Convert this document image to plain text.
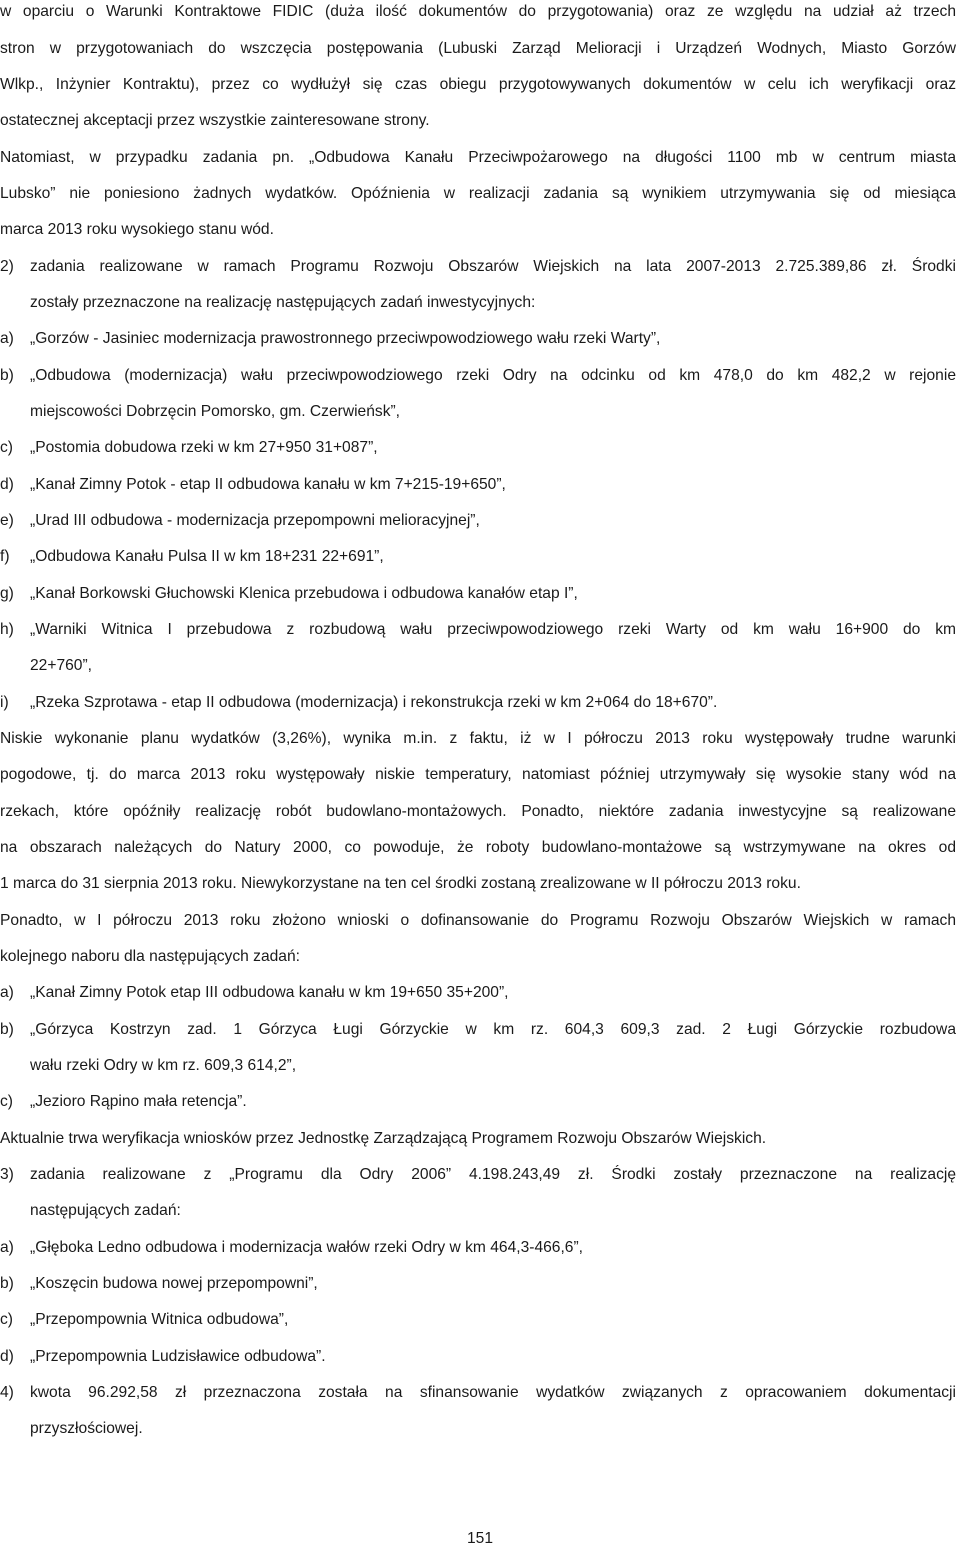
w oparciu o Warunki Kontraktowe FIDIC (duża ilość dokumentów do przygotowania) oraz ze względu na udział aż trzech
stron w przygotowaniach do wszczęcia postępowania (Lubuski Zarząd Melioracji i Urządzeń Wodnych, Miasto Gorzów
Wlkp., Inżynier Kontraktu), przez co wydłużył się czas obiegu przygotowywanych dokumentów w celu ich weryfikacji oraz
ostatecznej akceptacji przez wszystkie zainteresowane strony.
Natomiast, w przypadku zadania pn. „Odbudowa Kanału Przeciwpożarowego na długości 1100 mb w centrum miasta
Lubsko” nie poniesiono żadnych wydatków. Opóźnienia w realizacji zadania są wynikiem utrzymywania się od miesiąca
marca 2013 roku wysokiego stanu wód.
2)	zadania realizowane w ramach Programu Rozwoju Obszarów Wiejskich na lata 2007-2013 2.725.389,86 zł. Środki
zostały przeznaczone na realizację następujących zadań inwestycyjnych:
a)	„Gorzów - Jasiniec modernizacja prawostronnego przeciwpowodziowego wału rzeki Warty”,
b)	„Odbudowa (modernizacja) wału przeciwpowodziowego rzeki Odry na odcinku od km 478,0 do km 482,2 w rejonie
miejscowości Dobrzęcin Pomorsko, gm. Czerwieńsk”,
c)	„Postomia dobudowa rzeki w km 27+950 31+087”,
d)	„Kanał Zimny Potok - etap II odbudowa kanału w km 7+215-19+650”,
e)	„Urad III odbudowa - modernizacja przepompowni melioracyjnej”,
f)	„Odbudowa Kanału Pulsa II w km 18+231 22+691”,
g)	„Kanał Borkowski Głuchowski Klenica przebudowa i odbudowa kanałów etap I”,
h)	„Warniki Witnica I przebudowa z rozbudową wału przeciwpowodziowego rzeki Warty od km wału 16+900 do km
22+760”,
i)	„Rzeka Szprotawa - etap II odbudowa (modernizacja) i rekonstrukcja rzeki w km 2+064 do 18+670”.
Niskie wykonanie planu wydatków (3,26%), wynika m.in. z faktu, iż w I półroczu 2013 roku występowały trudne warunki
pogodowe, tj. do marca 2013 roku występowały niskie temperatury, natomiast później utrzymywały się wysokie stany wód na
rzekach, które opóźniły realizację robót budowlano-montażowych. Ponadto, niektóre zadania inwestycyjne są realizowane
na obszarach należących do Natury 2000, co powoduje, że roboty budowlano-montażowe są wstrzymywane na okres od
1 marca do 31 sierpnia 2013 roku. Niewykorzystane na ten cel środki zostaną zrealizowane w II półroczu 2013 roku.
Ponadto, w I półroczu 2013 roku złożono wnioski o dofinansowanie do Programu Rozwoju Obszarów Wiejskich w ramach
kolejnego naboru dla następujących zadań:
a)	„Kanał Zimny Potok etap III odbudowa kanału w km 19+650 35+200”,
b)	„Górzyca Kostrzyn zad. 1 Górzyca Ługi Górzyckie w km rz. 604,3 609,3 zad. 2 Ługi Górzyckie rozbudowa
wału rzeki Odry w km rz. 609,3 614,2”,
c)	„Jezioro Rąpino mała retencja”.
Aktualnie trwa weryfikacja wniosków przez Jednostkę Zarządzającą Programem Rozwoju Obszarów Wiejskich.
3)	zadania realizowane z „Programu dla Odry 2006” 4.198.243,49 zł. Środki zostały przeznaczone na realizację
następujących zadań:
a)	„Głęboka Ledno odbudowa i modernizacja wałów rzeki Odry w km 464,3-466,6”,
b)	„Koszęcin budowa nowej przepompowni”,
c)	„Przepompownia Witnica odbudowa”,
d)	„Przepompownia Ludzisławice odbudowa”.
4)	kwota 96.292,58 zł przeznaczona została na sfinansowanie wydatków związanych z opracowaniem dokumentacji
przyszłościowej.
151
